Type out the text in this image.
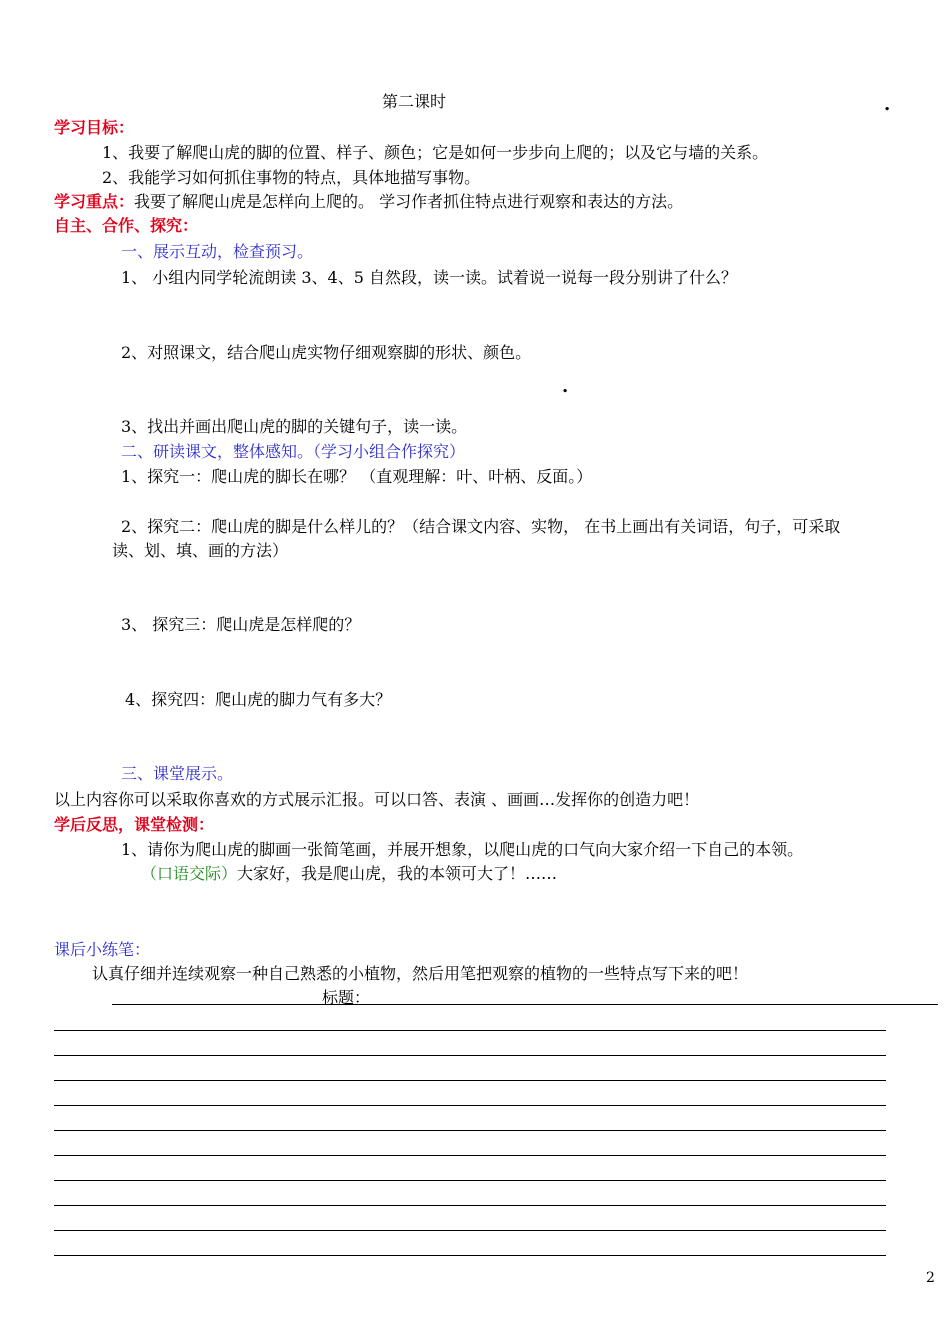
第二课时	.
学习目标：
1、我要了解爬山虎的脚的位置、样子、颜色；它是如何一步步向上爬的；以及它与墙的关系。
2、我能学习如何抓住事物的特点，具体地描写事物。
学习重点：我要了解爬山虎是怎样向上爬的。 学习作者抓住特点进行观察和表达的方法。
自主、合作、探究：
一、展示互动，检查预习。
1、 小组内同学轮流朗读 3、4、5 自然段，读一读。试着说一说每一段分别讲了什么？
2、对照课文，结合爬山虎实物仔细观察脚的形状、颜色。
.
3、找出并画出爬山虎的脚的关键句子，读一读。
二、研读课文，整体感知。（学习小组合作探究）
1、探究一：爬山虎的脚长在哪？ （直观理解：叶、叶柄、反面。）
2、探究二：爬山虎的脚是什么样儿的？（结合课文内容、实物， 在书上画出有关词语，句子，可采取
读、划、填、画的方法）
3、 探究三：爬山虎是怎样爬的？
4、探究四：爬山虎的脚力气有多大？
三、课堂展示。
以上内容你可以采取你喜欢的方式展示汇报。可以口答、表演 、画画…发挥你的创造力吧！
学后反思，课堂检测：
1、请你为爬山虎的脚画一张简笔画，并展开想象，以爬山虎的口气向大家介绍一下自己的本领。
（口语交际）大家好，我是爬山虎，我的本领可大了！……
课后小练笔：
认真仔细并连续观察一种自己熟悉的小植物，然后用笔把观察的植物的一些特点写下来的吧！
标题：
2
